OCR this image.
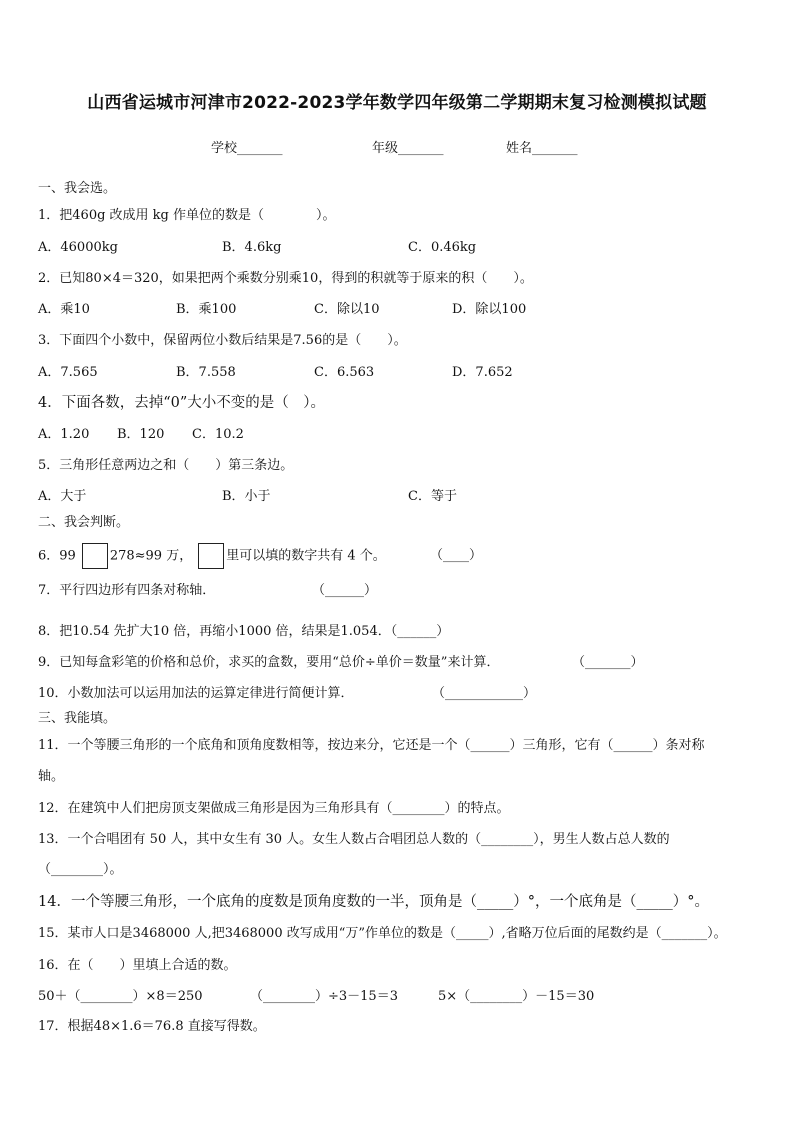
山西省运城市河津市2022-2023学年数学四年级第二学期期末复习检测模拟试题
学校_______	年级_______	姓名_______
一、我会选。
1．把460g 改成用 kg 作单位的数是（　　　　）。
A．46000kg	B．4.6kg	C．0.46kg
2．已知80×4＝320，如果把两个乘数分别乘10，得到的积就等于原来的积（　　）。
A．乘10	B．乘100	C．除以10	D．除以100
3．下面四个小数中，保留两位小数后结果是7.56的是（　　）。
A．7.565	B．7.558	C．6.563	D．7.652
4．下面各数，去掉“0”大小不变的是（　）。
A．1.20 B．120 C．10.2
5．三角形任意两边之和（　　）第三条边。
A．大于	B．小于	C．等于
二、我会判断。
6．99	278≈99 万，	里可以填的数字共有 4 个。	（____）
7．平行四边形有四条对称轴．	（______）
8．把10.54 先扩大10 倍，再缩小1000 倍，结果是1.054．（______）
9．已知每盒彩笔的价格和总价，求买的盒数，要用“总价÷单价＝数量”来计算．	（_______）
10．小数加法可以运用加法的运算定律进行简便计算．	（____________）
三、我能填。
11．一个等腰三角形的一个底角和顶角度数相等，按边来分，它还是一个（______）三角形，它有（______）条对称
轴。
12．在建筑中人们把房顶支架做成三角形是因为三角形具有（________）的特点。
13．一个合唱团有 50 人，其中女生有 30 人。女生人数占合唱团总人数的（________），男生人数占总人数的
（________）。
14．一个等腰三角形，一个底角的度数是顶角度数的一半，顶角是（_____）°，一个底角是（_____）°。
15．某市人口是3468000 人,把3468000 改写成用“万”作单位的数是（_____）,省略万位后面的尾数约是（_______）。
16．在（　　）里填上合适的数。
50＋（________）×8＝250	（________）÷3－15＝3	5×（________）－15＝30
17．根据48×1.6＝76.8 直接写得数。
